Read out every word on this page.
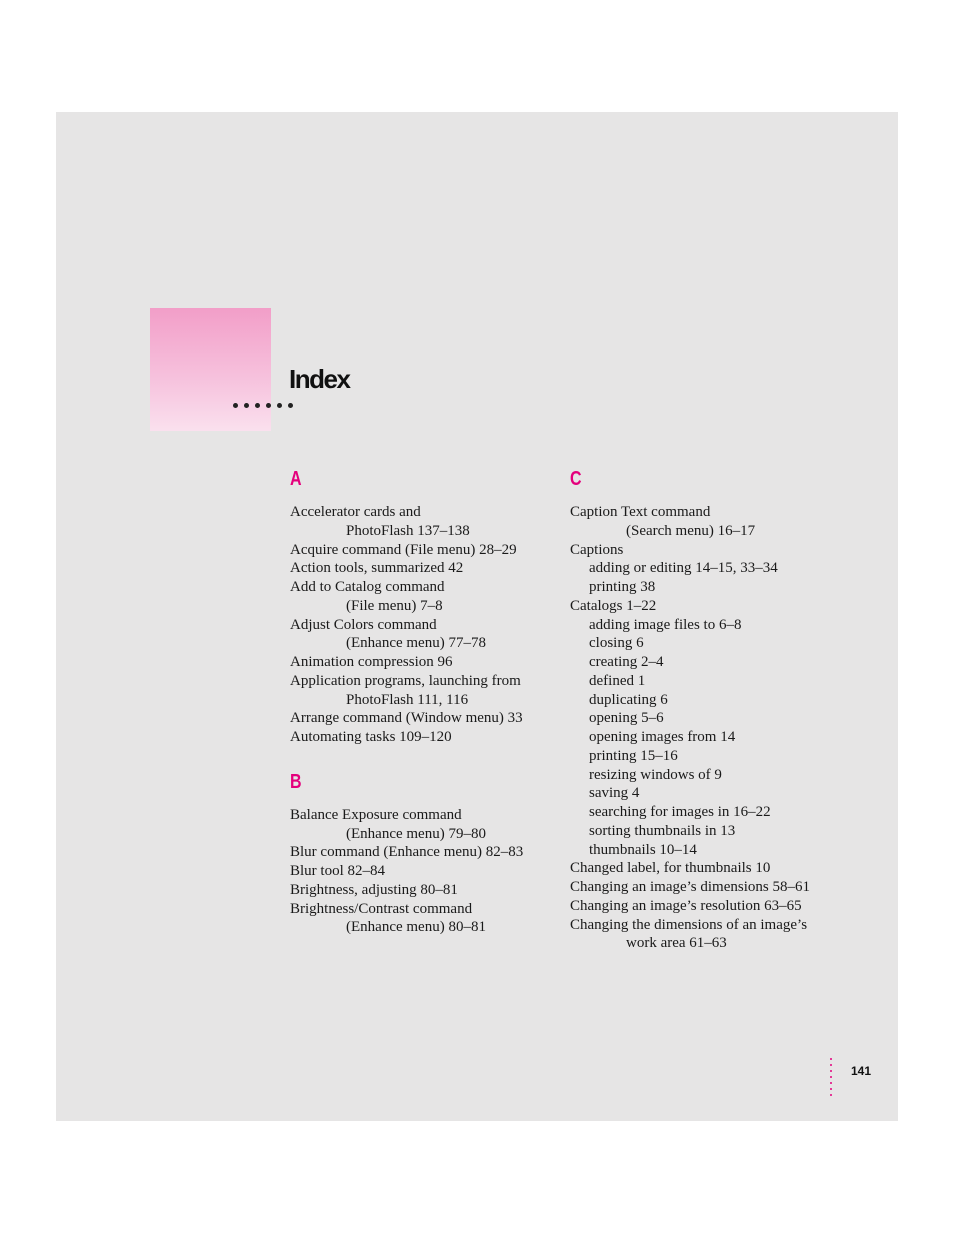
Index
A
Accelerator cards and
PhotoFlash 137–138
Acquire command (File menu) 28–29
Action tools, summarized 42
Add to Catalog command
(File menu) 7–8
Adjust Colors command
(Enhance menu) 77–78
Animation compression 96
Application programs, launching from
PhotoFlash 111, 116
Arrange command (Window menu) 33
Automating tasks 109–120
B
Balance Exposure command
(Enhance menu) 79–80
Blur command (Enhance menu) 82–83
Blur tool 82–84
Brightness, adjusting 80–81
Brightness/Contrast command
(Enhance menu) 80–81
C
Caption Text command
(Search menu) 16–17
Captions
adding or editing 14–15, 33–34
printing 38
Catalogs 1–22
adding image files to 6–8
closing 6
creating 2–4
defined 1
duplicating 6
opening 5–6
opening images from 14
printing 15–16
resizing windows of 9
saving 4
searching for images in 16–22
sorting thumbnails in 13
thumbnails 10–14
Changed label, for thumbnails 10
Changing an image’s dimensions 58–61
Changing an image’s resolution 63–65
Changing the dimensions of an image’s
work area 61–63
141
